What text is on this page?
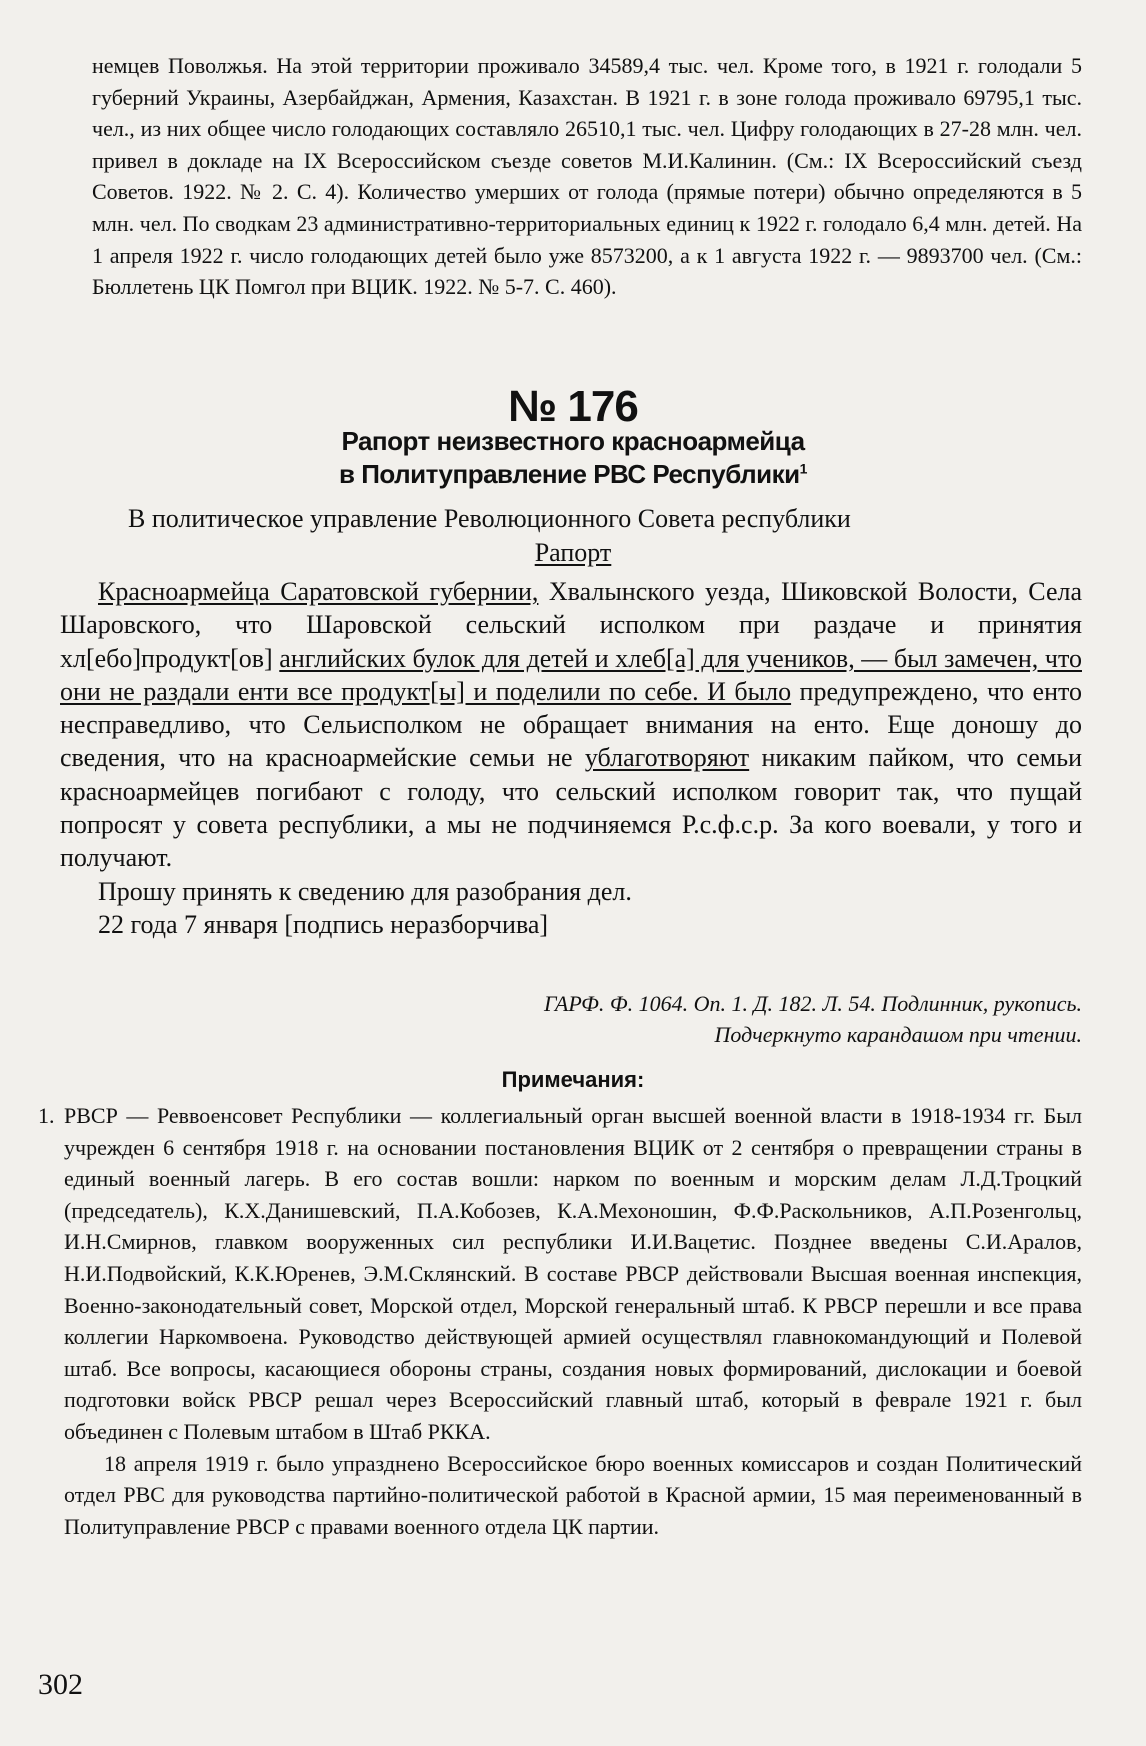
немцев Поволжья. На этой территории проживало 34589,4 тыс. чел. Кроме того, в 1921 г. голодали 5 губерний Украины, Азербайджан, Армения, Казахстан. В 1921 г. в зоне голода проживало 69795,1 тыс. чел., из них общее число голодающих составляло 26510,1 тыс. чел. Цифру голодающих в 27-28 млн. чел. привел в докладе на IX Всероссийском съезде советов М.И.Калинин. (См.: IX Всероссийский съезд Советов. 1922. № 2. С. 4). Количество умерших от голода (прямые потери) обычно определяются в 5 млн. чел. По сводкам 23 административно-территориальных единиц к 1922 г. голодало 6,4 млн. детей. На 1 апреля 1922 г. число голодающих детей было уже 8573200, а к 1 августа 1922 г. — 9893700 чел. (См.: Бюллетень ЦК Помгол при ВЦИК. 1922. № 5-7. С. 460).

№ 176
Рапорт неизвестного красноармейца
в Политуправление РВС Республики$^1$
В политическое управление Революционного Совета республики
Рапорт

Красноармейца Саратовской губернии, Хвалынского уезда, Шиковской Волости, Села Шаровского, что Шаровской сельский исполком при раздаче и принятия хл[ебо]продукт[ов] английских булок для детей и хлеб[а] для учеников, — был замечен, что они не раздали енти все продукт[ы] и поделили по себе. И было предупреждено, что енто несправедливо, что Сельисполком не обращает внимания на енто. Еще доношу до сведения, что на красноармейские семьи не ублаготворяют никаким пайком, что семьи красноармейцев погибают с голоду, что сельский исполком говорит так, что пущай попросят у совета республики, а мы не подчиняемся Р.с.ф.с.р. За кого воевали, у того и получают.

Прошу принять к сведению для разобрания дел.

22 года 7 января [подпись неразборчива]

ГАРФ. Ф. 1064. Оп. 1. Д. 182. Л. 54. Подлинник, рукопись.
Подчеркнуто карандашом при чтении.
Примечания:
1. РВСР — Реввоенсовет Республики — коллегиальный орган высшей военной власти в 1918-1934 гг. Был учрежден 6 сентября 1918 г. на основании постановления ВЦИК от 2 сентября о превращении страны в единый военный лагерь. В его состав вошли: нарком по военным и морским делам Л.Д.Троцкий (председатель), К.Х.Данишевский, П.А.Кобозев, К.А.Мехоношин, Ф.Ф.Раскольников, А.П.Розенгольц, И.Н.Смирнов, главком вооруженных сил республики И.И.Вацетис. Позднее введены С.И.Аралов, Н.И.Подвойский, К.К.Юренев, Э.М.Склянский. В составе РВСР действовали Высшая военная инспекция, Военно-законодательный совет, Морской отдел, Морской генеральный штаб. К РВСР перешли и все права коллегии Наркомвоена. Руководство действующей армией осуществлял главнокомандующий и Полевой штаб. Все вопросы, касающиеся обороны страны, создания новых формирований, дислокации и боевой подготовки войск РВСР решал через Всероссийский главный штаб, который в феврале 1921 г. был объединен с Полевым штабом в Штаб РККА.

18 апреля 1919 г. было упразднено Всероссийское бюро военных комиссаров и создан Политический отдел РВС для руководства партийно-политической работой в Красной армии, 15 мая переименованный в Политуправление РВСР с правами военного отдела ЦК партии.

302
